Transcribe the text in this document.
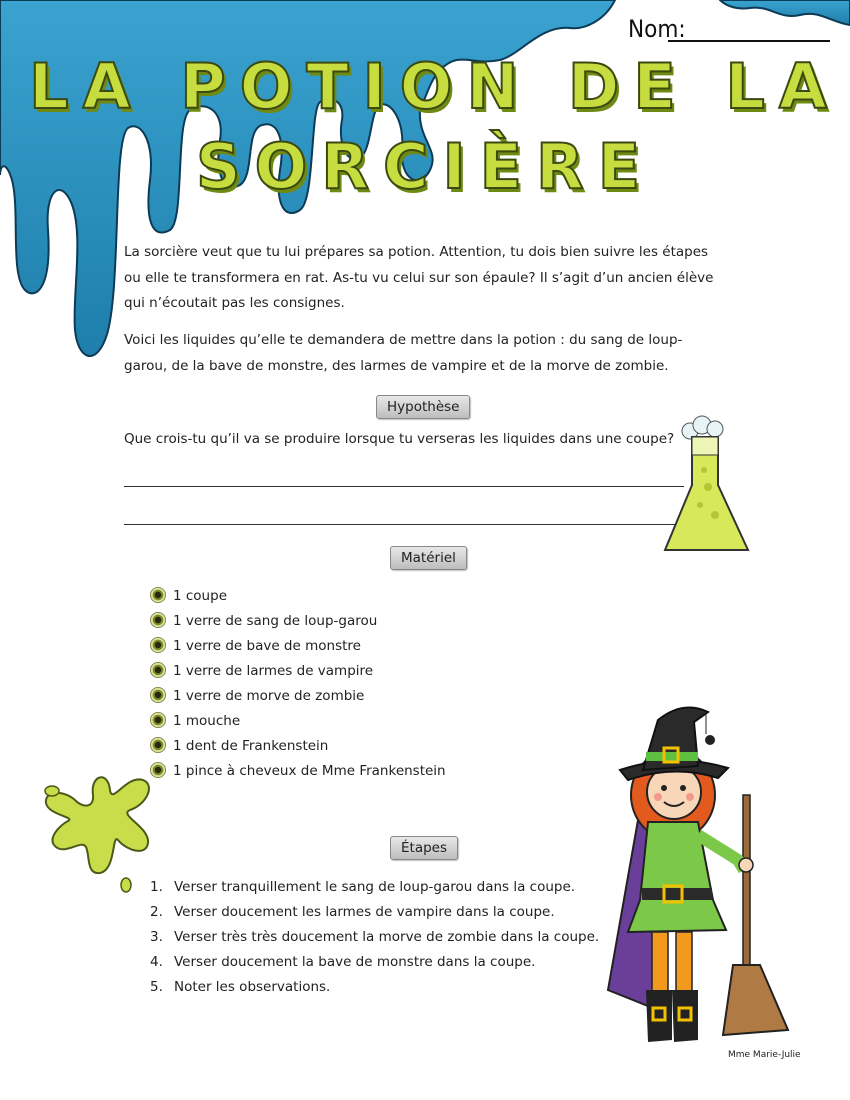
LA POTION DE LA
SORCIÈRE
Nom:
La sorcière veut que tu lui prépares sa potion. Attention, tu dois bien suivre les étapes ou elle te transformera en rat. As-tu vu celui sur son épaule? Il s’agit d’un ancien élève qui n’écoutait pas les consignes.
Voici les liquides qu’elle te demandera de mettre dans la potion : du sang de loup-garou, de la bave de monstre, des larmes de vampire et de la morve de zombie.
Hypothèse
Que crois-tu qu’il va se produire lorsque tu verseras les liquides dans une coupe?
Matériel
1 coupe
1 verre de sang de loup-garou
1 verre de bave de monstre
1 verre de larmes de vampire
1 verre de morve de zombie
1 mouche
1 dent de Frankenstein
1 pince à cheveux de Mme Frankenstein
Étapes
1. Verser tranquillement le sang de loup-garou dans la coupe.
2. Verser doucement les larmes de vampire dans la coupe.
3. Verser très très doucement la morve de zombie dans la coupe.
4. Verser doucement la bave de monstre dans la coupe.
5. Noter les observations.
Mme Marie-Julie
